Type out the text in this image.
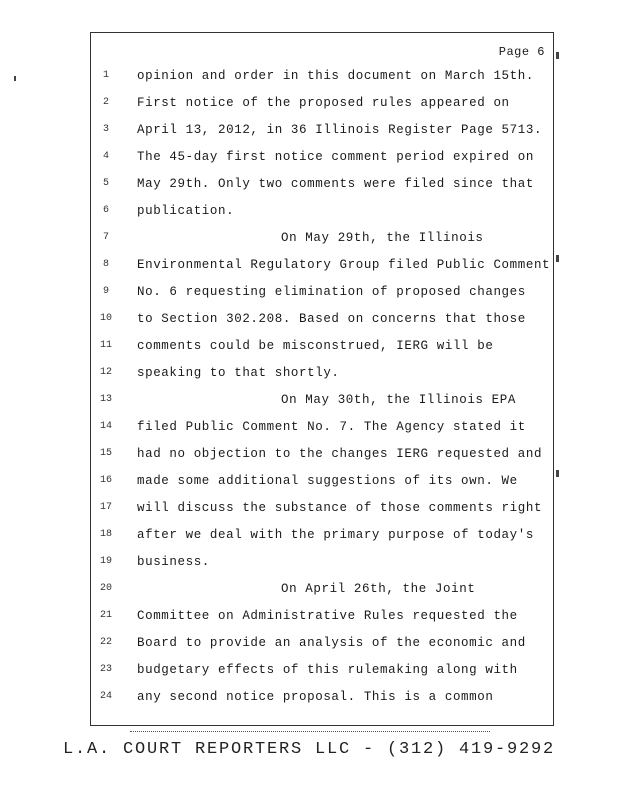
Page 6
1	opinion and order in this document on March 15th.
2	First notice of the proposed rules appeared on
3	April 13, 2012, in 36 Illinois Register Page 5713.
4	The 45-day first notice comment period expired on
5	May 29th. Only two comments were filed since that
6	publication.
7	On May 29th, the Illinois
8	Environmental Regulatory Group filed Public Comment
9	No. 6 requesting elimination of proposed changes
10	to Section 302.208. Based on concerns that those
11	comments could be misconstrued, IERG will be
12	speaking to that shortly.
13	On May 30th, the Illinois EPA
14	filed Public Comment No. 7. The Agency stated it
15	had no objection to the changes IERG requested and
16	made some additional suggestions of its own. We
17	will discuss the substance of those comments right
18	after we deal with the primary purpose of today's
19	business.
20	On April 26th, the Joint
21	Committee on Administrative Rules requested the
22	Board to provide an analysis of the economic and
23	budgetary effects of this rulemaking along with
24	any second notice proposal. This is a common
L.A. COURT REPORTERS LLC - (312) 419-9292
